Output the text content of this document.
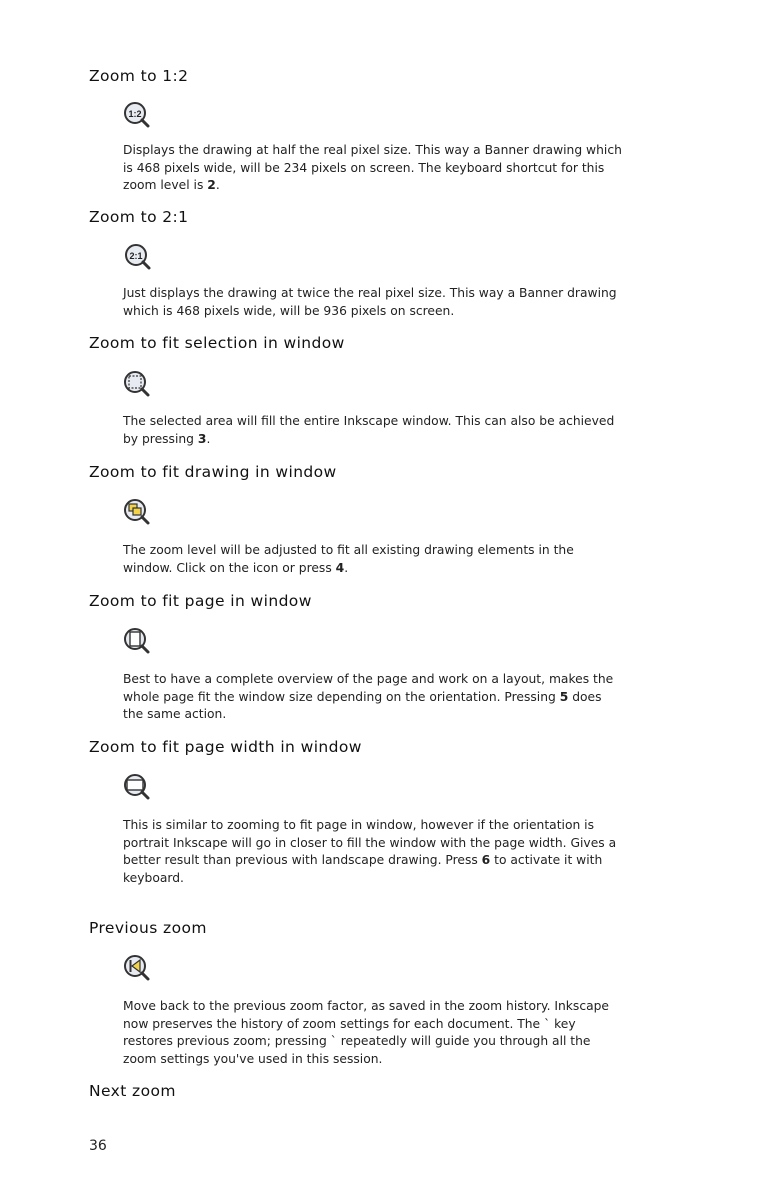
Zoom to 1:2
1:2

Displays the drawing at half the real pixel size. This way a Banner drawing which is 468 pixels wide, will be 234 pixels on screen. The keyboard shortcut for this zoom level is 2.

Zoom to 2:1
2:1

Just displays the drawing at twice the real pixel size. This way a Banner drawing which is 468 pixels wide, will be 936 pixels on screen.

Zoom to fit selection in window

The selected area will fill the entire Inkscape window. This can also be achieved by pressing 3.

Zoom to fit drawing in window

The zoom level will be adjusted to fit all existing drawing elements in the window. Click on the icon or press 4.

Zoom to fit page in window

Best to have a complete overview of the page and work on a layout, makes the whole page fit the window size depending on the orientation. Pressing 5 does the same action.

Zoom to fit page width in window

This is similar to zooming to fit page in window, however if the orientation is portrait Inkscape will go in closer to fill the window with the page width. Gives a better result than previous with landscape drawing. Press 6 to activate it with keyboard.

Previous zoom

Move back to the previous zoom factor, as saved in the zoom history. Inkscape now preserves the history of zoom settings for each document. The ` key restores previous zoom; pressing ` repeatedly will guide you through all the zoom settings you've used in this session.

Next zoom
36
